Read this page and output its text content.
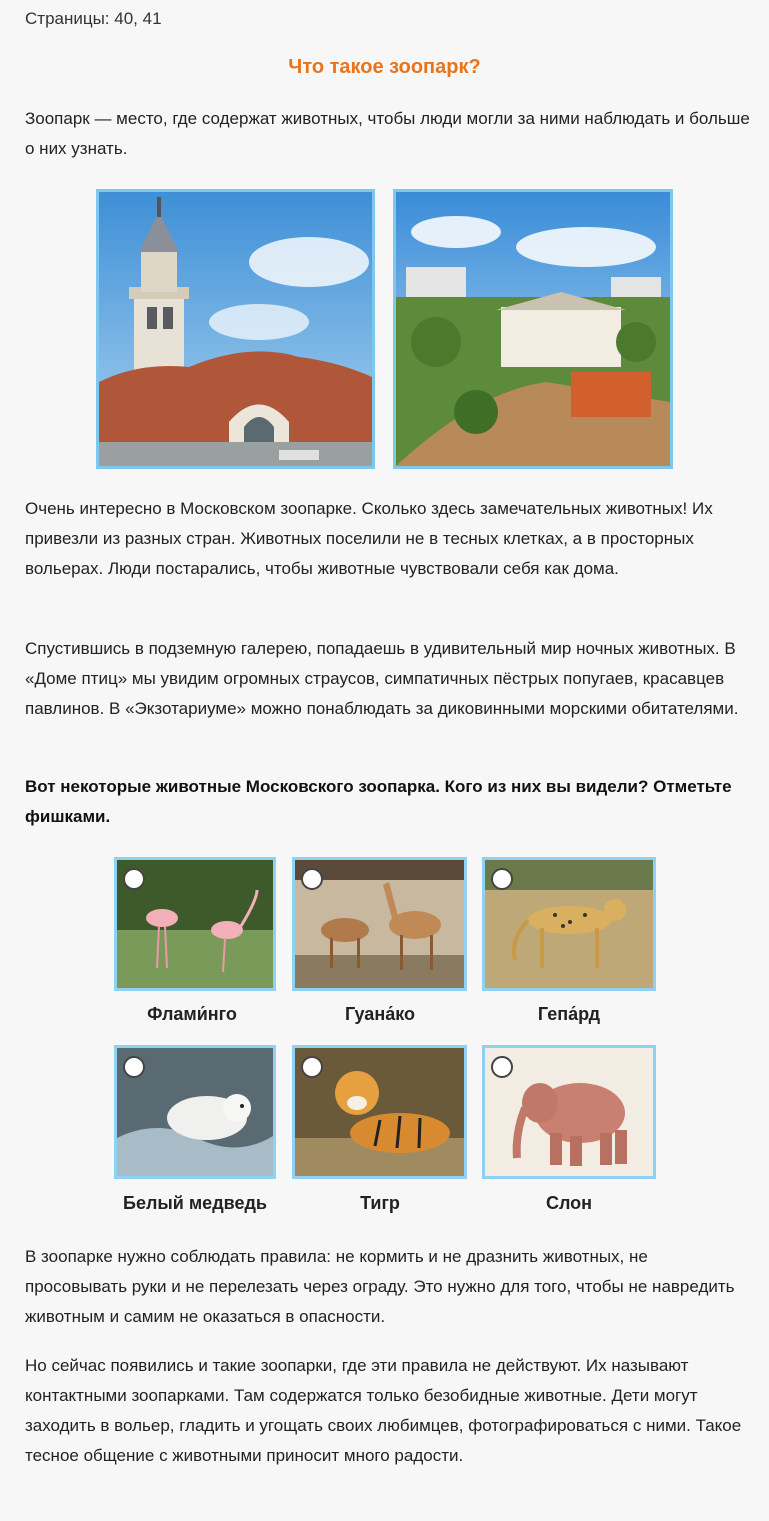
Страницы: 40, 41
Что такое зоопарк?

Зоопарк — место, где содержат животных, чтобы люди могли за ними наблюдать и больше о них узнать.

Очень интересно в Московском зоопарке. Сколько здесь замечательных животных! Их привезли из разных стран. Животных поселили не в тесных клетках, а в просторных вольерах. Люди постарались, чтобы животные чувствовали себя как дома.

Спустившись в подземную галерею, попадаешь в удивительный мир ночных животных. В «Доме птиц» мы увидим огромных страусов, симпатичных пёстрых попугаев, красавцев павлинов. В «Экзотариуме» можно понаблюдать за диковинными морскими обитателями.

Вот некоторые животные Московского зоопарка. Кого из них вы видели? Отметьте фишками.

Флами́нго	Гуана́ко	Гепа́рд
Белый медведь	Тигр	Слон

В зоопарке нужно соблюдать правила: не кормить и не дразнить животных, не просовывать руки и не перелезать через ограду. Это нужно для того, чтобы не навредить животным и самим не оказаться в опасности.

Но сейчас появились и такие зоопарки, где эти правила не действуют. Их называют контактными зоопарками. Там содержатся только безобидные животные. Дети могут заходить в вольер, гладить и угощать своих любимцев, фотографироваться с ними. Такое тесное общение с животными приносит много радости.
